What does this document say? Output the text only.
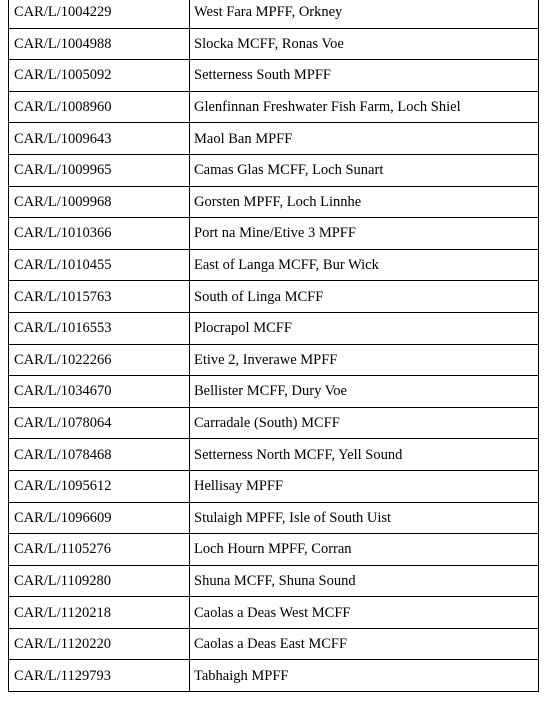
CAR/L/1004229	West Fara MPFF, Orkney
CAR/L/1004988	Slocka MCFF, Ronas Voe
CAR/L/1005092	Setterness South MPFF
CAR/L/1008960	Glenfinnan Freshwater Fish Farm, Loch Shiel
CAR/L/1009643	Maol Ban MPFF
CAR/L/1009965	Camas Glas MCFF, Loch Sunart
CAR/L/1009968	Gorsten MPFF, Loch Linnhe
CAR/L/1010366	Port na Mine/Etive 3 MPFF
CAR/L/1010455	East of Langa MCFF, Bur Wick
CAR/L/1015763	South of Linga MCFF
CAR/L/1016553	Plocrapol MCFF
CAR/L/1022266	Etive 2, Inverawe MPFF
CAR/L/1034670	Bellister MCFF, Dury Voe
CAR/L/1078064	Carradale (South) MCFF
CAR/L/1078468	Setterness North MCFF, Yell Sound
CAR/L/1095612	Hellisay MPFF
CAR/L/1096609	Stulaigh MPFF, Isle of South Uist
CAR/L/1105276	Loch Hourn MPFF, Corran
CAR/L/1109280	Shuna MCFF, Shuna Sound
CAR/L/1120218	Caolas a Deas West MCFF
CAR/L/1120220	Caolas a Deas East MCFF
CAR/L/1129793	Tabhaigh MPFF
